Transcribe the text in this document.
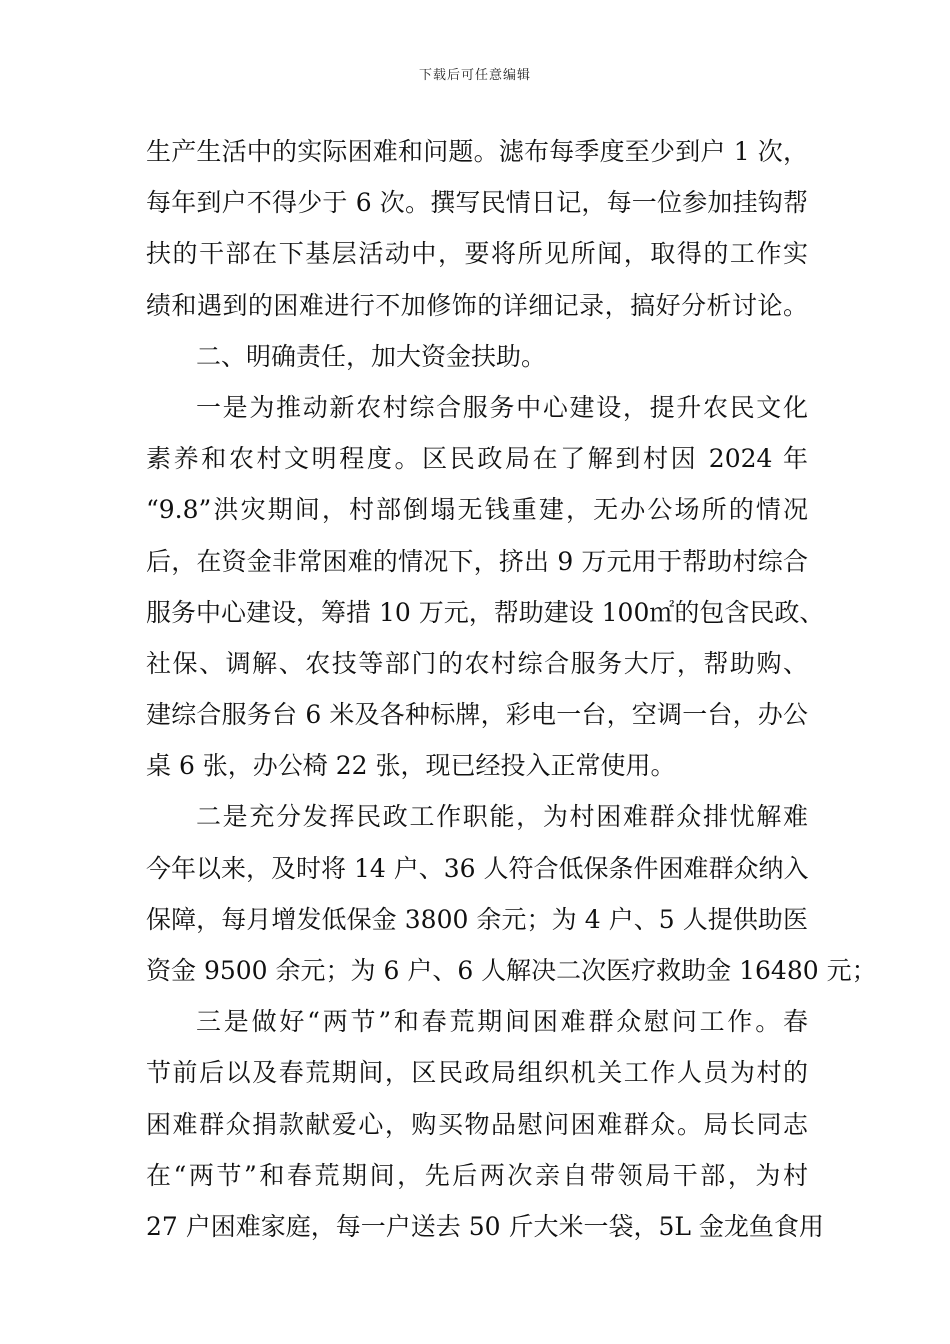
下载后可任意编辑
生产生活中的实际困难和问题。滤布每季度至少到户 1 次，
每年到户不得少于 6 次。撰写民情日记，每一位参加挂钩帮
扶的干部在下基层活动中，要将所见所闻，取得的工作实
绩和遇到的困难进行不加修饰的详细记录，搞好分析讨论。
二、明确责任，加大资金扶助。
一是为推动新农村综合服务中心建设，提升农民文化
素养和农村文明程度。区民政局在了解到村因 2024 年
“9.8”洪灾期间，村部倒塌无钱重建，无办公场所的情况
后，在资金非常困难的情况下，挤出 9 万元用于帮助村综合
服务中心建设，筹措 10 万元，帮助建设 100㎡的包含民政、
社保、调解、农技等部门的农村综合服务大厅，帮助购、
建综合服务台 6 米及各种标牌，彩电一台，空调一台，办公
桌 6 张，办公椅 22 张，现已经投入正常使用。
二是充分发挥民政工作职能，为村困难群众排忧解难
今年以来，及时将 14 户、36 人符合低保条件困难群众纳入
保障，每月增发低保金 3800 余元；为 4 户、5 人提供助医
资金 9500 余元；为 6 户、6 人解决二次医疗救助金 16480 元；
三是做好“两节”和春荒期间困难群众慰问工作。春
节前后以及春荒期间，区民政局组织机关工作人员为村的
困难群众捐款献爱心，购买物品慰问困难群众。局长同志
在“两节”和春荒期间，先后两次亲自带领局干部，为村
27 户困难家庭，每一户送去 50 斤大米一袋，5L 金龙鱼食用
